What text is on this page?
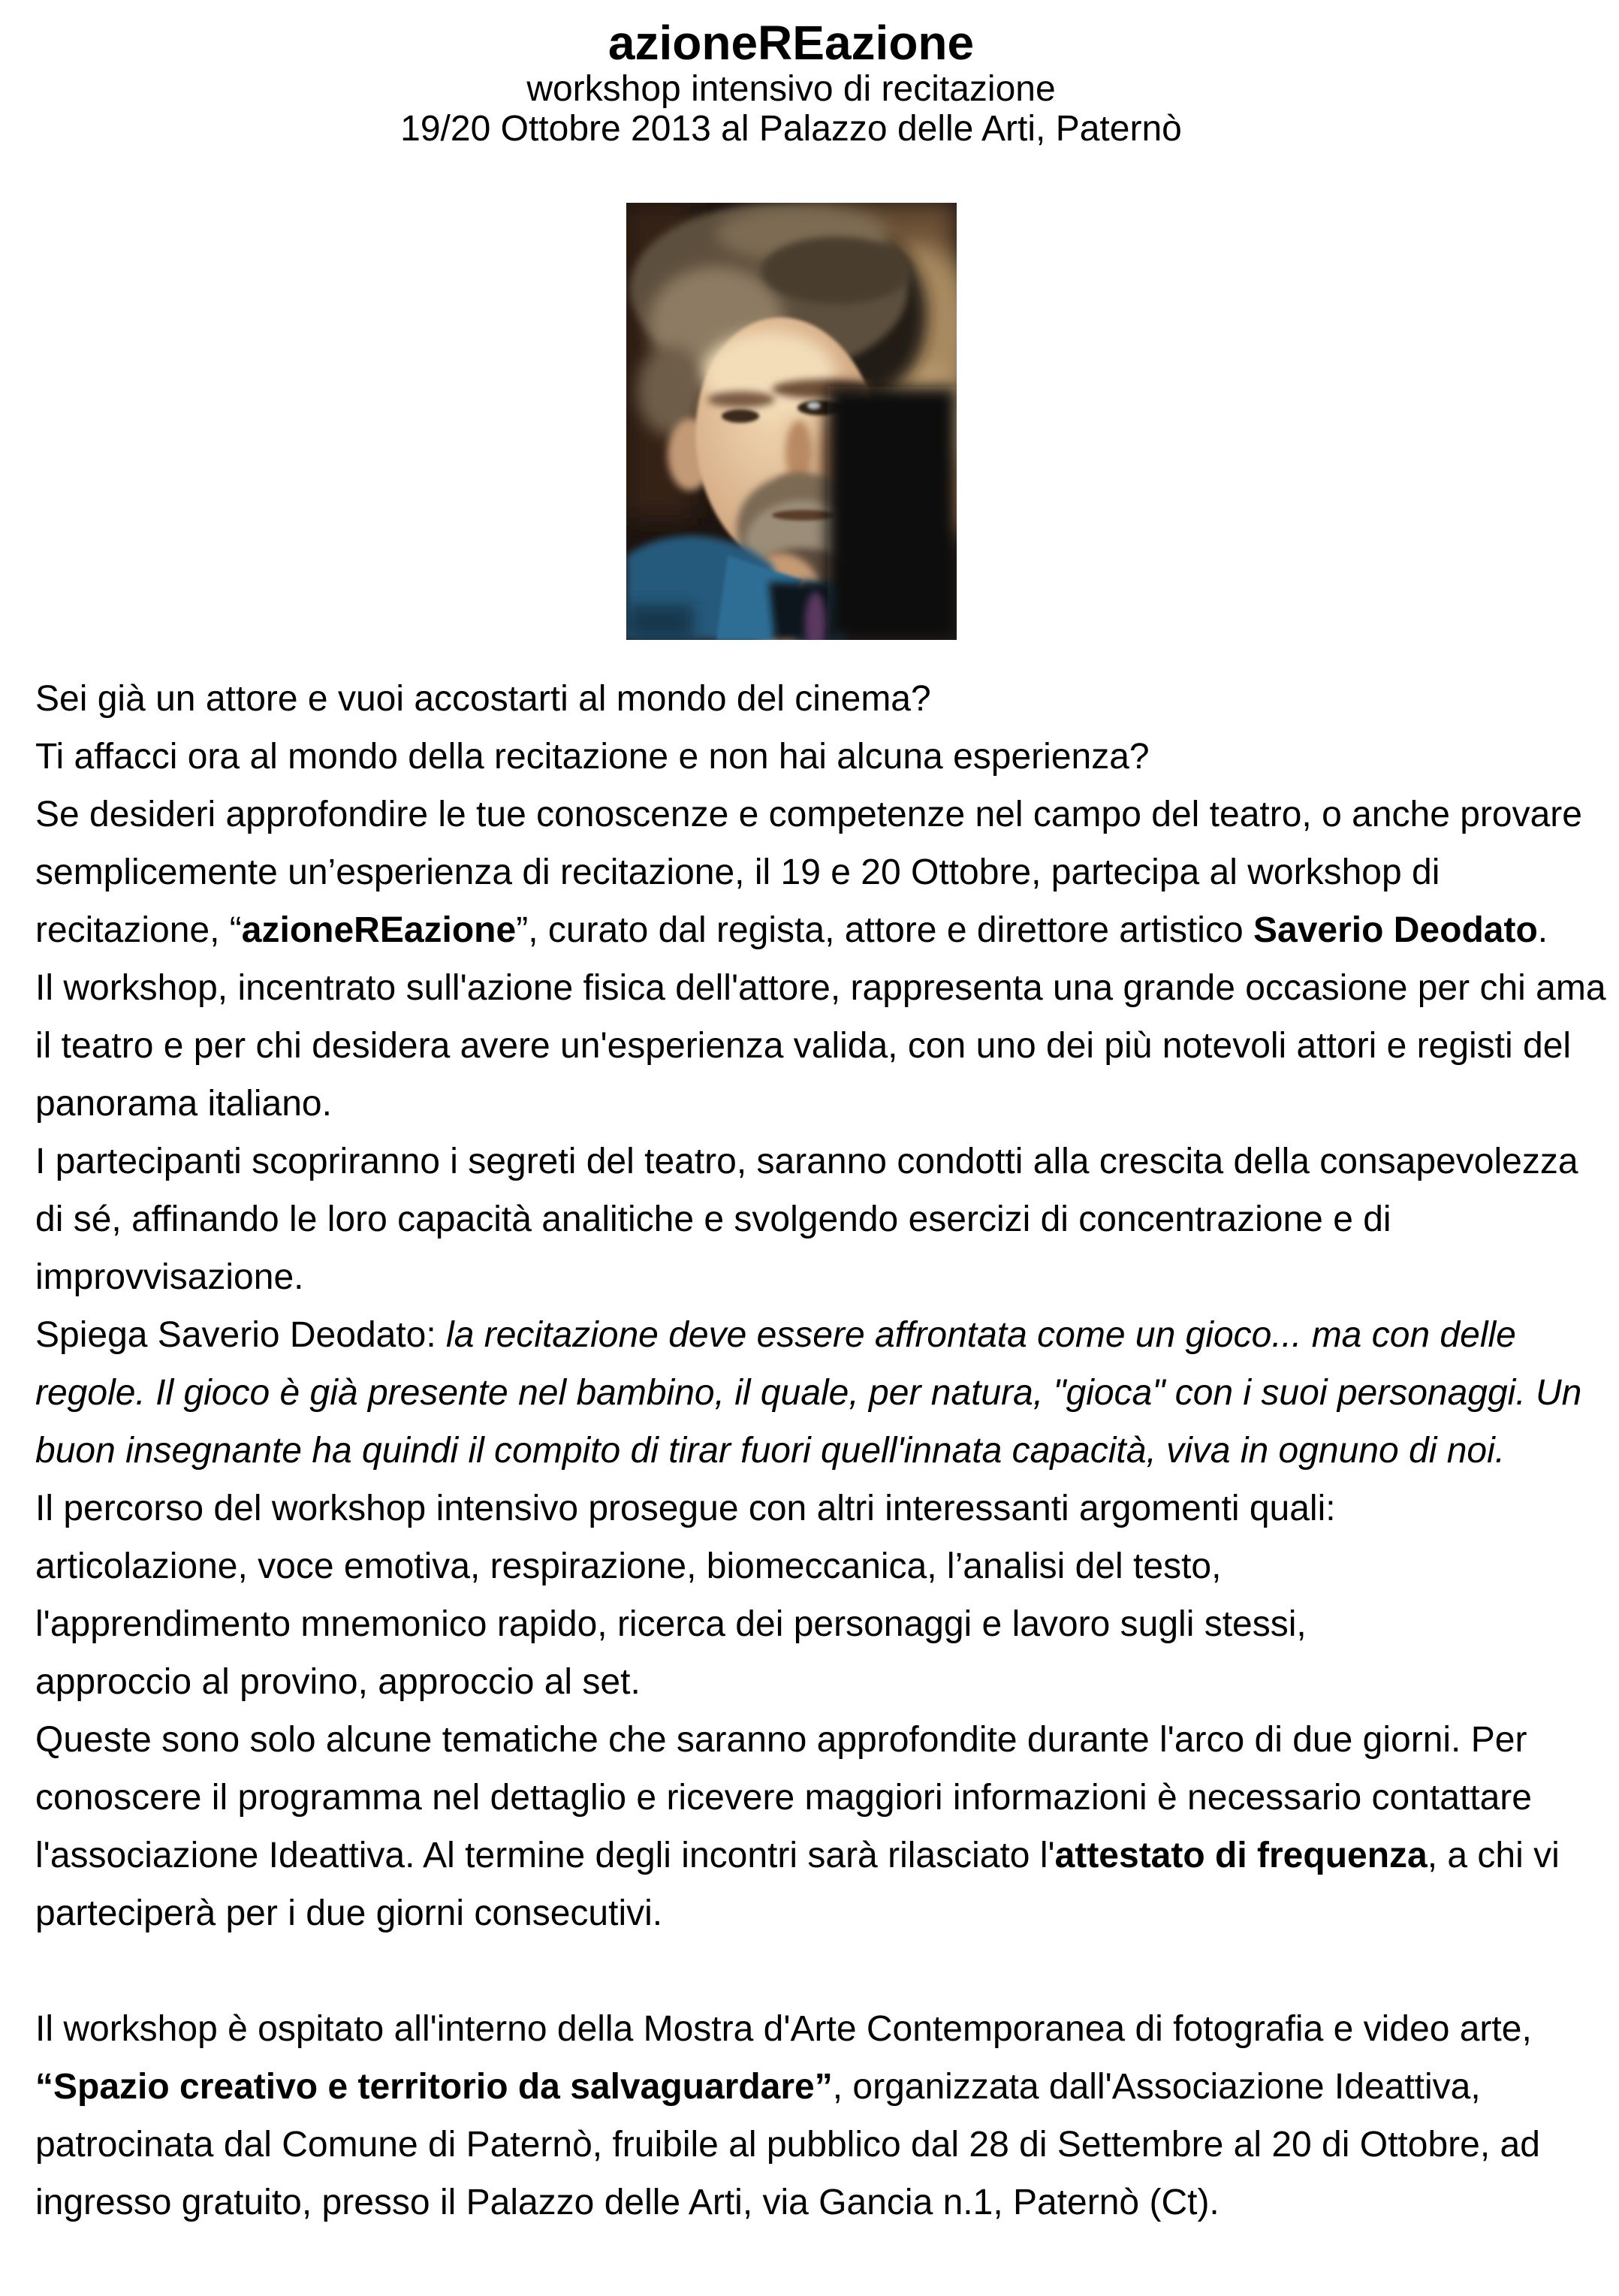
azioneREazione
workshop intensivo di recitazione
19/20 Ottobre 2013 al Palazzo delle Arti, Paternò
Sei già un attore e vuoi accostarti al mondo del cinema?
Ti affacci ora al mondo della recitazione e non hai alcuna esperienza?
Se desideri approfondire le tue conoscenze e competenze nel campo del teatro, o anche provare
semplicemente un’esperienza di recitazione, il 19 e 20 Ottobre, partecipa al workshop di
recitazione, “azioneREazione”, curato dal regista, attore e direttore artistico Saverio Deodato.
Il workshop, incentrato sull'azione fisica dell'attore, rappresenta una grande occasione per chi ama
il teatro e per chi desidera avere un'esperienza valida, con uno dei più notevoli attori e registi del
panorama italiano.
I partecipanti scopriranno i segreti del teatro, saranno condotti alla crescita della consapevolezza
di sé, affinando le loro capacità analitiche e svolgendo esercizi di concentrazione e di
improvvisazione.
Spiega Saverio Deodato: la recitazione deve essere affrontata come un gioco... ma con delle
regole. Il gioco è già presente nel bambino, il quale, per natura, "gioca" con i suoi personaggi. Un
buon insegnante ha quindi il compito di tirar fuori quell'innata capacità, viva in ognuno di noi.
Il percorso del workshop intensivo prosegue con altri interessanti argomenti quali:
articolazione, voce emotiva, respirazione, biomeccanica, l’analisi del testo,
l'apprendimento mnemonico rapido, ricerca dei personaggi e lavoro sugli stessi,
approccio al provino, approccio al set.
Queste sono solo alcune tematiche che saranno approfondite durante l'arco di due giorni. Per
conoscere il programma nel dettaglio e ricevere maggiori informazioni è necessario contattare
l'associazione Ideattiva. Al termine degli incontri sarà rilasciato l'attestato di frequenza, a chi vi
parteciperà per i due giorni consecutivi.

Il workshop è ospitato all'interno della Mostra d'Arte Contemporanea di fotografia e video arte,
“Spazio creativo e territorio da salvaguardare”, organizzata dall'Associazione Ideattiva,
patrocinata dal Comune di Paternò, fruibile al pubblico dal 28 di Settembre al 20 di Ottobre, ad
ingresso gratuito, presso il Palazzo delle Arti, via Gancia n.1, Paternò (Ct).
